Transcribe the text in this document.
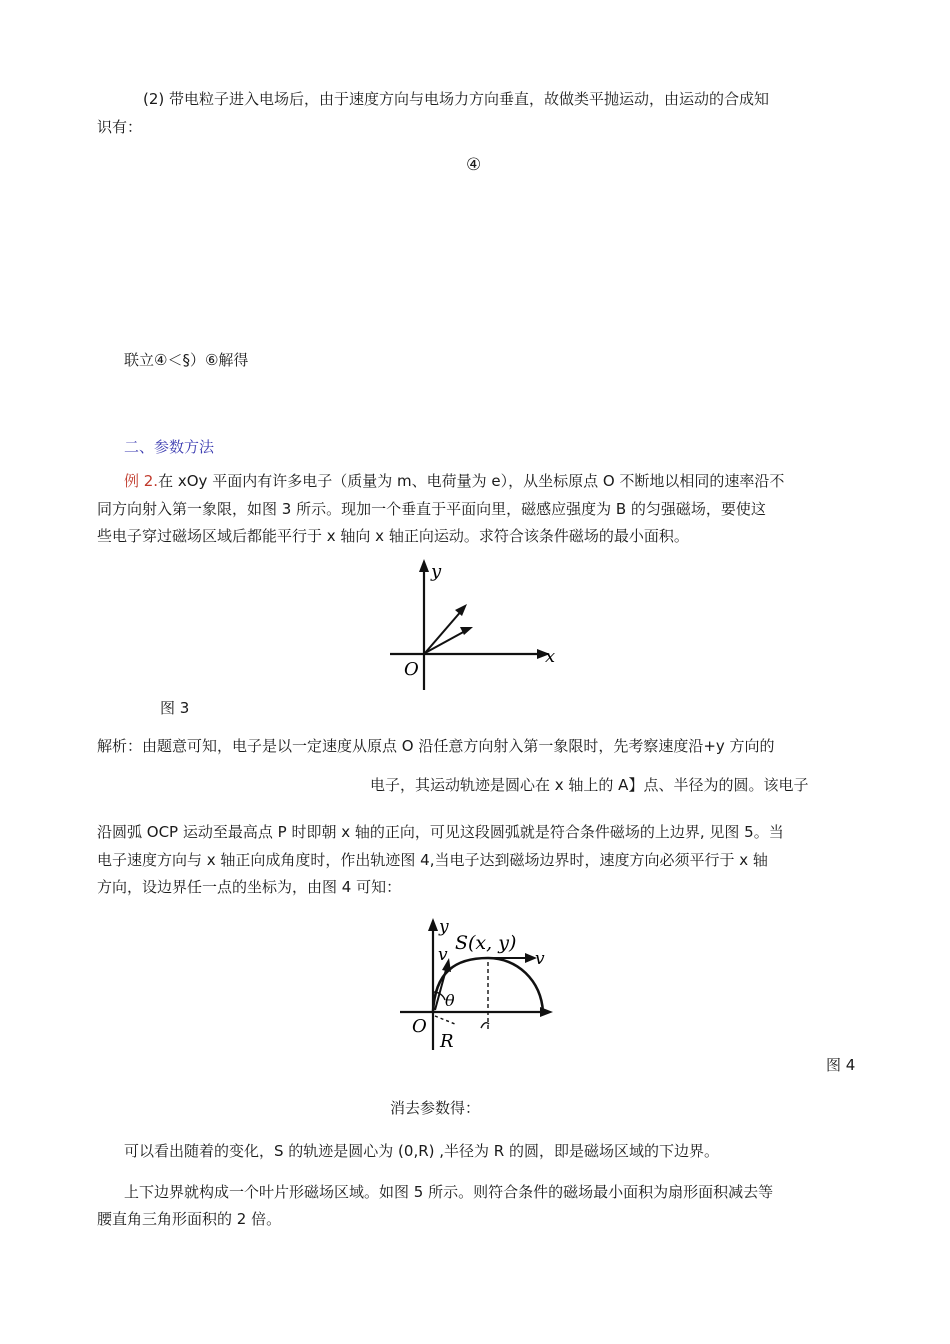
(2) 带电粒子进入电场后，由于速度方向与电场力方向垂直，故做类平抛运动，由运动的合成知
识有：
④
联立④＜§）⑥解得
二、参数方法
例 2.在 xOy 平面内有许多电子（质量为 m、电荷量为 e），从坐标原点 O 不断地以相同的速率沿不
同方向射入第一象限，如图 3 所示。现加一个垂直于平面向里，磁感应强度为 B 的匀强磁场，要使这
些电子穿过磁场区域后都能平行于 x 轴向 x 轴正向运动。求符合该条件磁场的最小面积。
y
x
O
图 3
解析：由题意可知，电子是以一定速度从原点 O 沿任意方向射入第一象限时，先考察速度沿+y 方向的
电子，其运动轨迹是圆心在 x 轴上的 A】点、半径为的圆。该电子
沿圆弧 OCP 运动至最高点 P 时即朝 x 轴的正向，可见这段圆弧就是符合条件磁场的上边界, 见图 5。当
电子速度方向与 x 轴正向成角度时，作出轨迹图 4,当电子达到磁场边界时，速度方向必须平行于 x 轴
方向，设边界任一点的坐标为，由图 4 可知：
y
v
S(x, y)
v
θ
O
R
图 4
消去参数得：
可以看出随着的变化，S 的轨迹是圆心为 (0,R) ,半径为 R 的圆，即是磁场区域的下边界。
上下边界就构成一个叶片形磁场区域。如图 5 所示。则符合条件的磁场最小面积为扇形面积减去等
腰直角三角形面积的 2 倍。
